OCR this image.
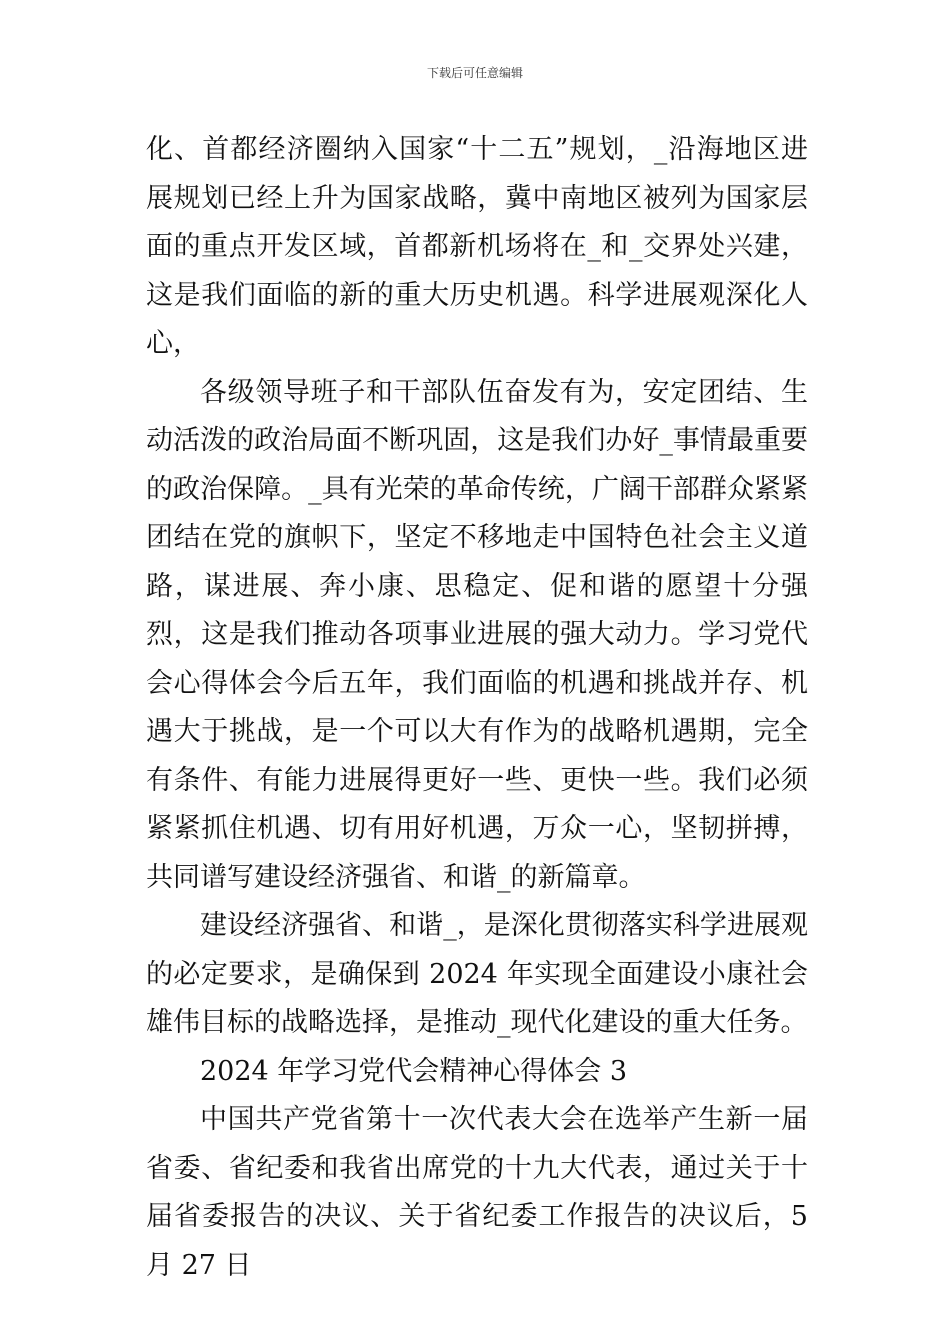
下载后可任意编辑

化、首都经济圈纳入国家“十二五”规划，_沿海地区进展规划已经上升为国家战略，冀中南地区被列为国家层面的重点开发区域，首都新机场将在_和_交界处兴建，这是我们面临的新的重大历史机遇。科学进展观深化人心，

各级领导班子和干部队伍奋发有为，安定团结、生动活泼的政治局面不断巩固，这是我们办好_事情最重要的政治保障。_具有光荣的革命传统，广阔干部群众紧紧团结在党的旗帜下，坚定不移地走中国特色社会主义道路，谋进展、奔小康、思稳定、促和谐的愿望十分强烈，这是我们推动各项事业进展的强大动力。学习党代会心得体会今后五年，我们面临的机遇和挑战并存、机遇大于挑战，是一个可以大有作为的战略机遇期，完全有条件、有能力进展得更好一些、更快一些。我们必须紧紧抓住机遇、切有用好机遇，万众一心，坚韧拼搏，共同谱写建设经济强省、和谐_的新篇章。

建设经济强省、和谐_，是深化贯彻落实科学进展观的必定要求，是确保到 2024 年实现全面建设小康社会雄伟目标的战略选择，是推动_现代化建设的重大任务。

2024 年学习党代会精神心得体会 3

中国共产党省第十一次代表大会在选举产生新一届省委、省纪委和我省出席党的十九大代表，通过关于十届省委报告的决议、关于省纪委工作报告的决议后，5 月 27 日
